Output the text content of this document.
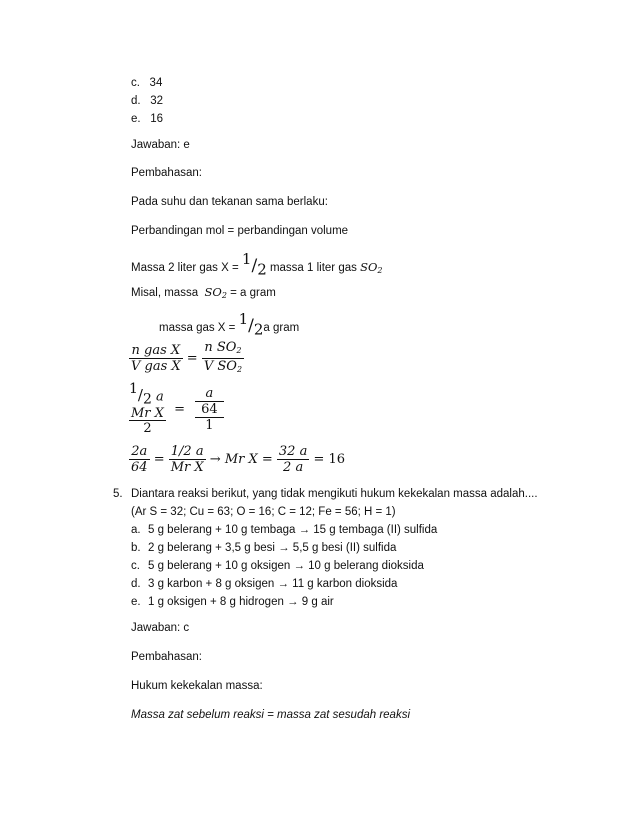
c. 34
d. 32
e. 16
Jawaban: e
Pembahasan:
Pada suhu dan tekanan sama berlaku:
Perbandingan mol = perbandingan volume
Massa 2 liter gas $X = ^1/_2$ massa 1 liter gas $SO_2$
Misal, massa $SO_2 = a$ gram
massa gas $X = ^1/_2a$ gram
$\frac{\text{n gas X}}{\text{V gas X}} = \frac{n SO_2}{V SO_2}$
$^1/_2$ a
Mr X
2
=
a
64
1
$\frac{2a}{64} = \frac{1/2 a}{\text{Mr X}} \to Mr$ $X = \frac{32 a}{2 a} = 16$
5. Diantara reaksi berikut, yang tidak mengikuti hukum kekekalan massa adalah....
(Ar S = 32; Cu = 63; O = 16; C = 12; Fe = 56; H = 1)
a. 5 g belerang + 10 g tembaga → 15 g tembaga (II) sulfida
b. 2 g belerang + 3,5 g besi → 5,5 g besi (II) sulfida
c. 5 g belerang + 10 g oksigen → 10 g belerang dioksida
d. 3 g karbon + 8 g oksigen → 11 g karbon dioksida
e. 1 g oksigen + 8 g hidrogen → 9 g air
Jawaban: c
Pembahasan:
Hukum kekekalan massa:
Massa zat sebelum reaksi = massa zat sesudah reaksi
